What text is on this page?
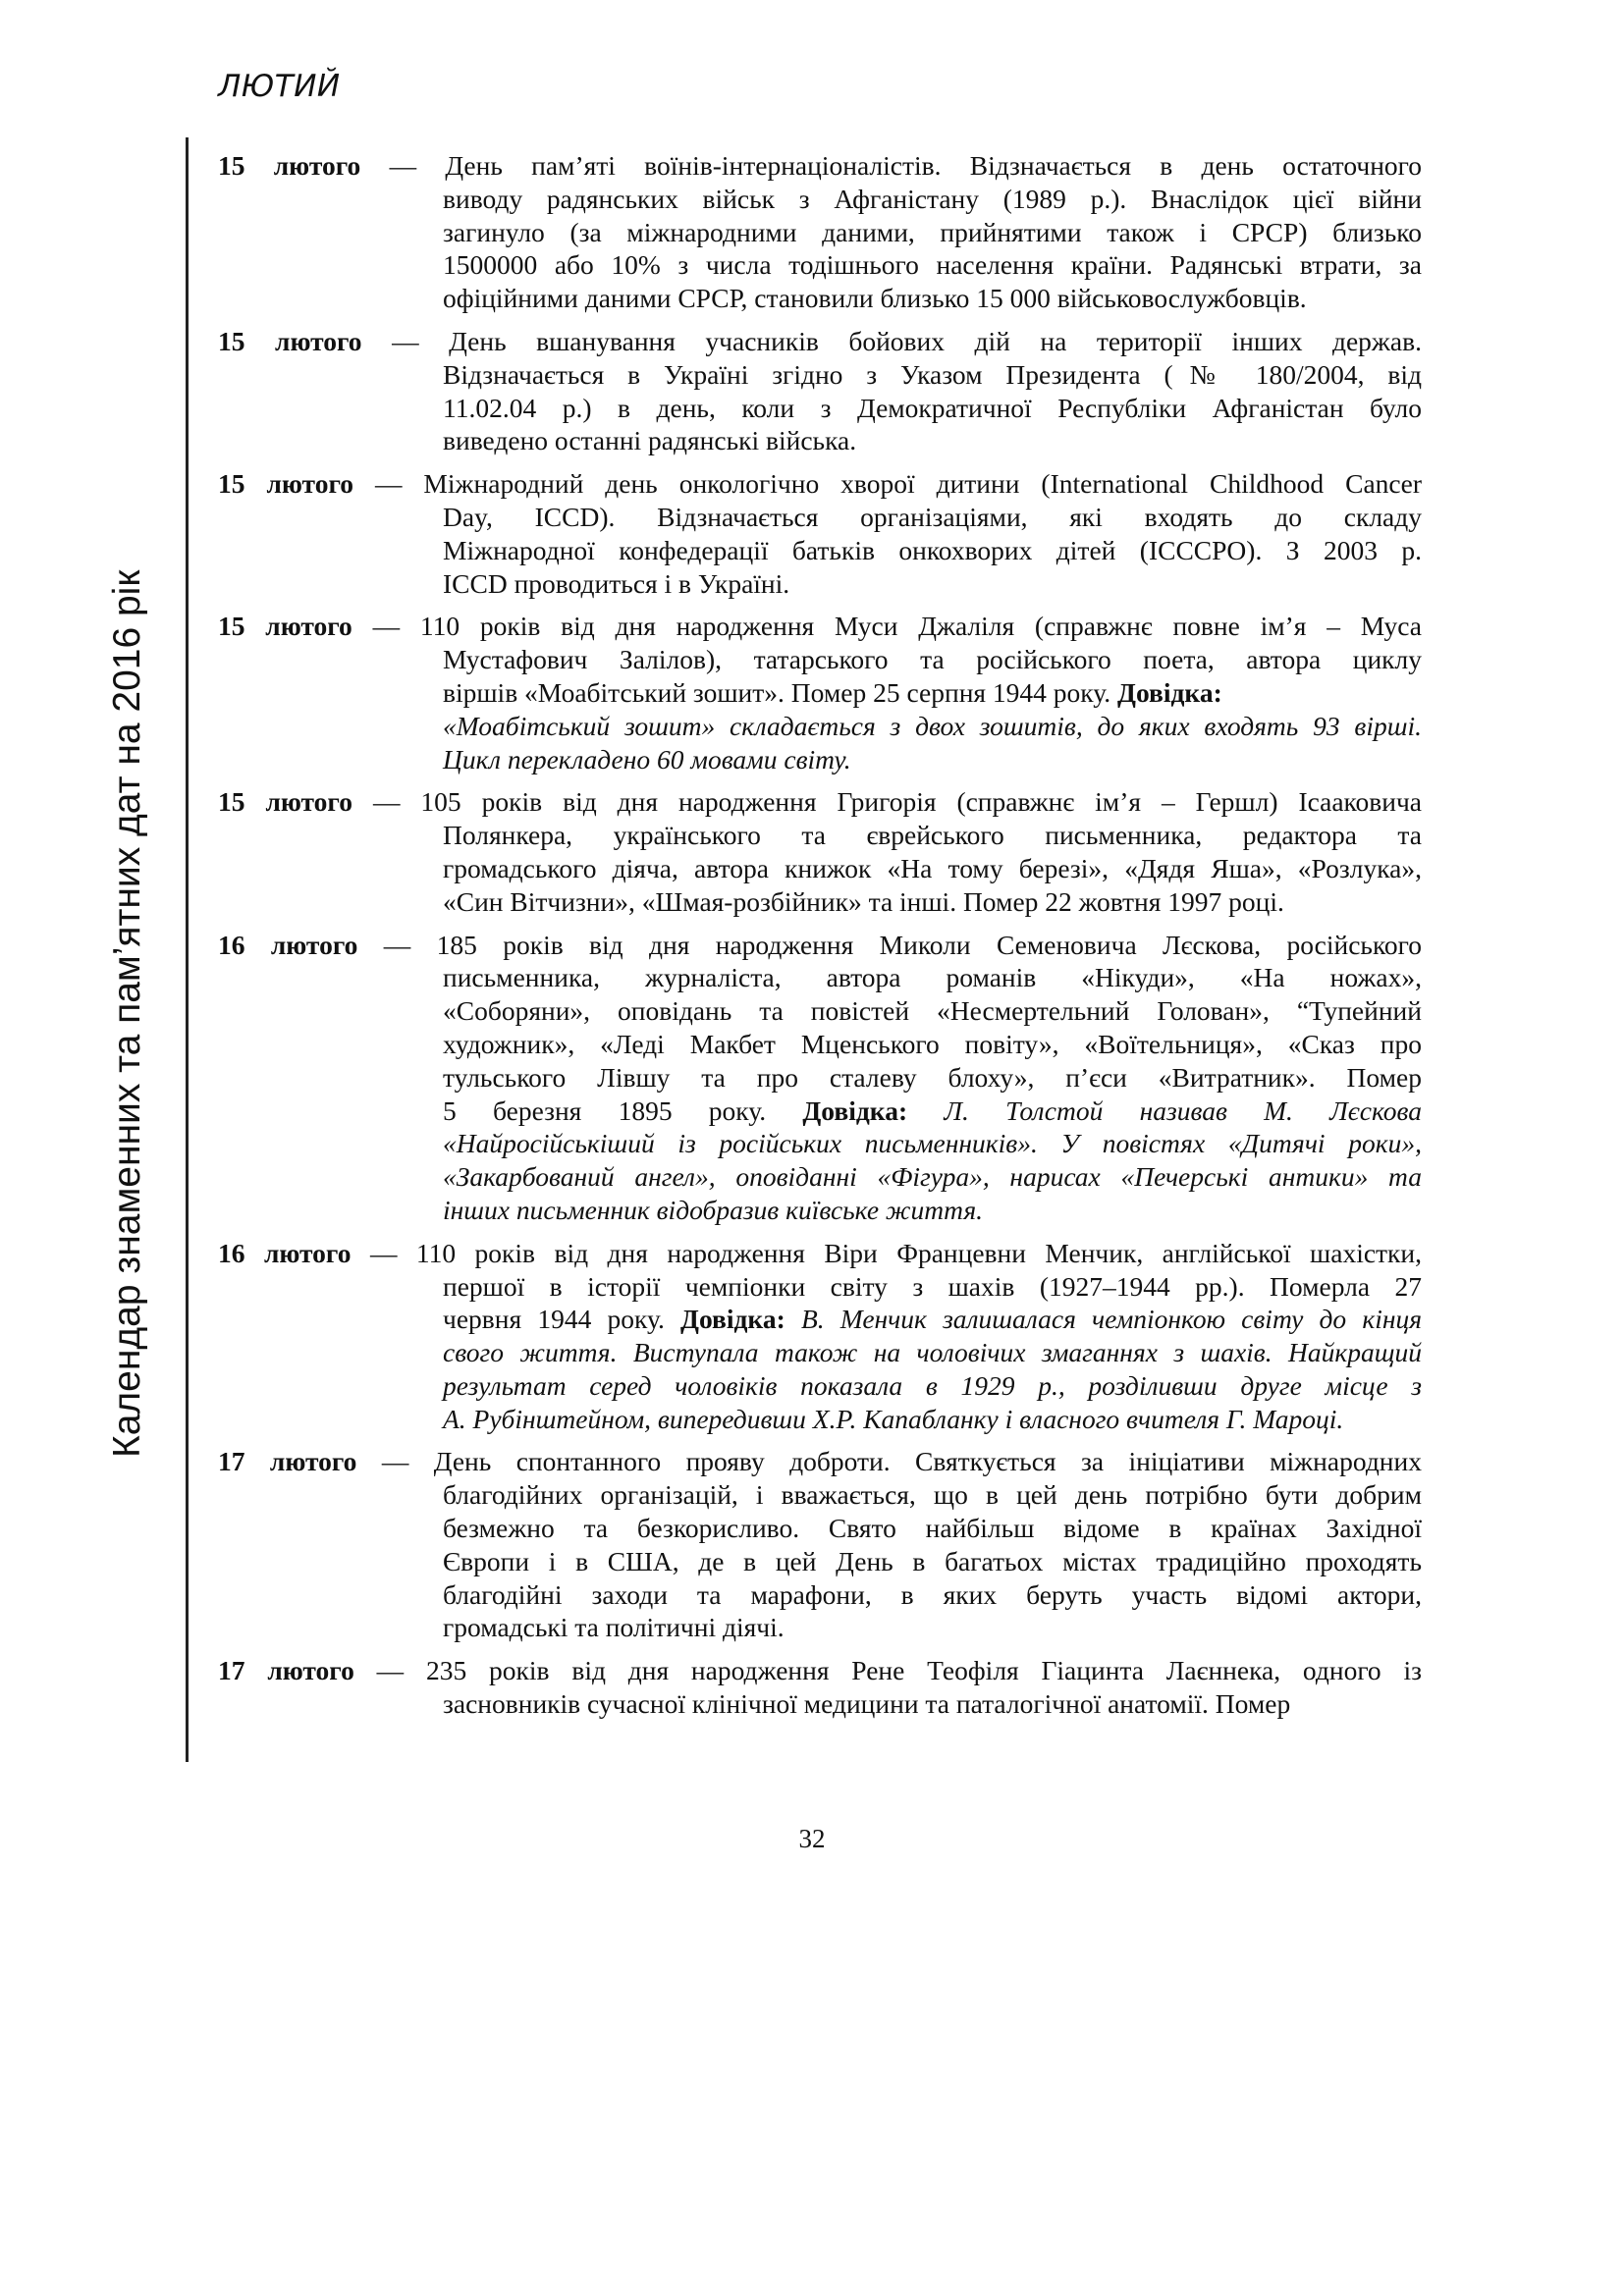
ЛЮТИЙ
Календар знаменних та пам’ятних дат на 2016 рік
15 лютого — День пам’яті воїнів-інтернаціоналістів. Відзначається в день остаточного
виводу радянських військ з Афганістану (1989 р.). Внаслідок цієї війни
загинуло (за міжнародними даними, прийнятими також і СРСР) близько
1500000 або 10% з числа тодішнього населення країни. Радянські втрати, за
офіційними даними СРСР, становили близько 15 000 військовослужбовців.
15 лютого — День вшанування учасників бойових дій на території інших держав.
Відзначається в Україні згідно з Указом Президента (№ 180/2004, від
11.02.04 р.) в день, коли з Демократичної Республіки Афганістан було
виведено останні радянські війська.
15 лютого — Міжнародний день онкологічно хворої дитини (International Childhood Cancer
Day, ICCD). Відзначається організаціями, які входять до складу
Міжнародної конфедерації батьків онкохворих дітей (ICCCPO). З 2003 р.
ICCD проводиться і в Україні.
15 лютого — 110 років від дня народження Муси Джаліля (справжнє повне ім’я – Муса
Мустафович Залілов), татарського та російського поета, автора циклу
віршів «Моабітський зошит». Помер 25 серпня 1944 року. Довідка:
«Моабітський зошит» складається з двох зошитів, до яких входять 93 вірші.
Цикл перекладено 60 мовами світу.
15 лютого — 105 років від дня народження Григорія (справжнє ім’я – Гершл) Ісааковича
Полянкера, українського та єврейського письменника, редактора та
громадського діяча, автора книжок «На тому березі», «Дядя Яша», «Розлука»,
«Син Вітчизни», «Шмая-розбійник» та інші. Помер 22 жовтня 1997 році.
16 лютого — 185 років від дня народження Миколи Семеновича Лєскова, російського
письменника, журналіста, автора романів «Нікуди», «На ножах»,
«Соборяни», оповідань та повістей «Несмертельний Голован», “Тупейний
художник», «Леді Макбет Мценського повіту», «Воїтельниця», «Сказ про
тульського Лівшу та про сталеву блоху», п’єси «Витратник». Помер
5 березня 1895 року. Довідка: Л. Толстой називав М. Лєскова
«Найросійськіший із російських письменників». У повістях «Дитячі роки»,
«Закарбований ангел», оповіданні «Фігура», нарисах «Печерські антики» та
інших письменник відобразив київське життя.
16 лютого — 110 років від дня народження Віри Францевни Менчик, англійської шахістки,
першої в історії чемпіонки світу з шахів (1927–1944 рр.). Померла 27
червня 1944 року. Довідка: В. Менчик залишалася чемпіонкою світу до кінця
свого життя. Виступала також на чоловічих змаганнях з шахів. Найкращий
результат серед чоловіків показала в 1929 р., розділивши друге місце з
А. Рубінштейном, випередивши Х.Р. Капабланку і власного вчителя Г. Мароці.
17 лютого — День спонтанного прояву доброти. Святкується за ініціативи міжнародних
благодійних організацій, і вважається, що в цей день потрібно бути добрим
безмежно та безкорисливо. Свято найбільш відоме в країнах Західної
Європи і в США, де в цей День в багатьох містах традиційно проходять
благодійні заходи та марафони, в яких беруть участь відомі актори,
громадські та політичні діячі.
17 лютого — 235 років від дня народження Рене Теофіля Гіацинта Лаєннека, одного із
засновників сучасної клінічної медицини та паталогічної анатомії. Помер
32
